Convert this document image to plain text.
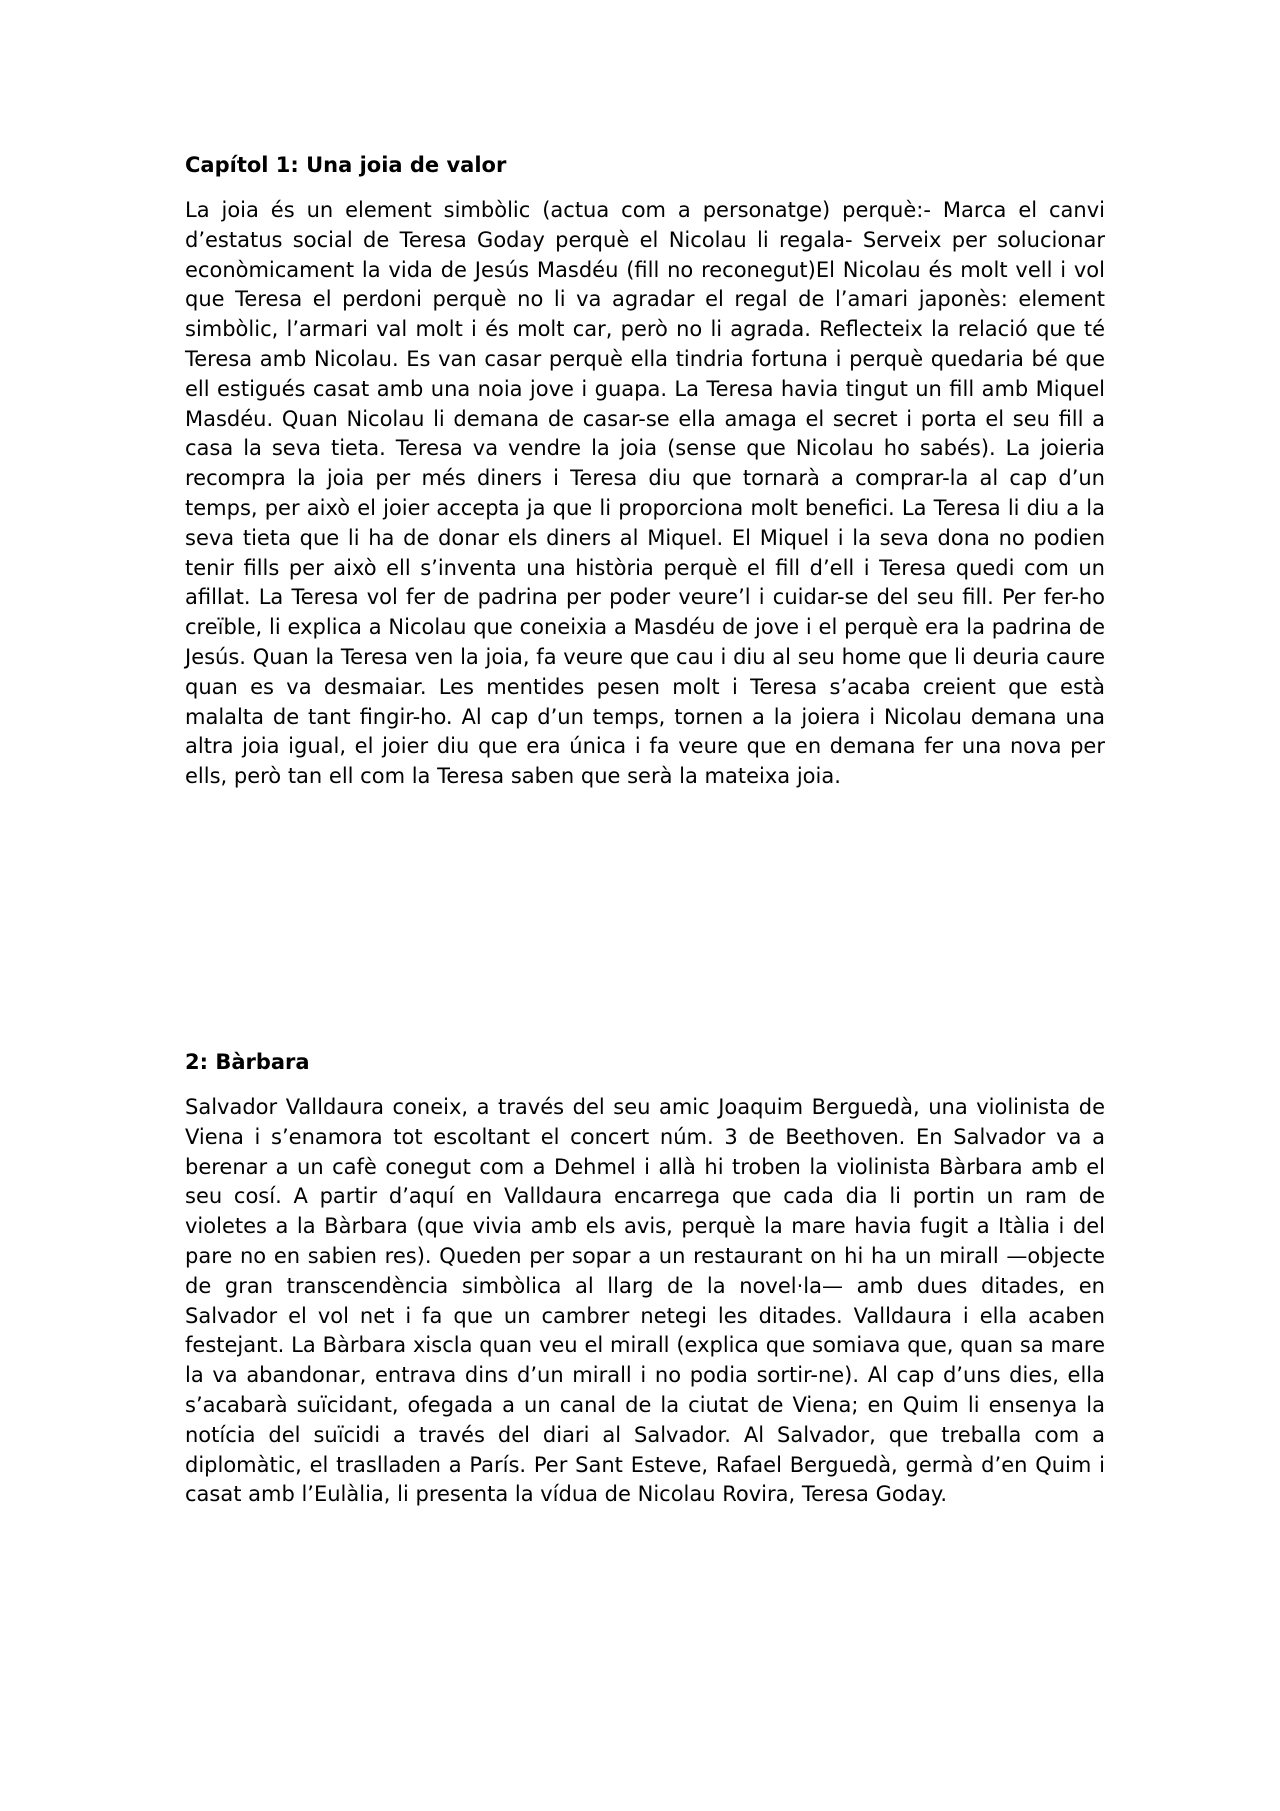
Capítol 1: Una joia de valor

La joia és un element simbòlic (actua com a personatge) perquè:- Marca el canvi d’estatus social de Teresa Goday perquè el Nicolau li regala- Serveix per solucionar econòmicament la vida de Jesús Masdéu (fill no reconegut)El Nicolau és molt vell i vol que Teresa el perdoni perquè no li va agradar el regal de l’amari japonès: element simbòlic, l’armari val molt i és molt car, però no li agrada. Reflecteix la relació que té Teresa amb Nicolau. Es van casar perquè ella tindria fortuna i perquè quedaria bé que ell estigués casat amb una noia jove i guapa. La Teresa havia tingut un fill amb Miquel Masdéu. Quan Nicolau li demana de casar-se ella amaga el secret i porta el seu fill a casa la seva tieta. Teresa va vendre la joia (sense que Nicolau ho sabés). La joieria recompra la joia per més diners i Teresa diu que tornarà a comprar-la al cap d’un temps, per això el joier accepta ja que li proporciona molt benefici. La Teresa li diu a la seva tieta que li ha de donar els diners al Miquel. El Miquel i la seva dona no podien tenir fills per això ell s’inventa una història perquè el fill d’ell i Teresa quedi com un afillat. La Teresa vol fer de padrina per poder veure’l i cuidar-se del seu fill. Per fer-ho creïble, li explica a Nicolau que coneixia a Masdéu de jove i el perquè era la padrina de Jesús. Quan la Teresa ven la joia, fa veure que cau i diu al seu home que li deuria caure quan es va desmaiar. Les mentides pesen molt i Teresa s’acaba creient que està malalta de tant fingir-ho. Al cap d’un temps, tornen a la joiera i Nicolau demana una altra joia igual, el joier diu que era única i fa veure que en demana fer una nova per ells, però tan ell com la Teresa saben que serà la mateixa joia.

2: Bàrbara

Salvador Valldaura coneix, a través del seu amic Joaquim Berguedà, una violinista de Viena i s’enamora tot escoltant el concert núm. 3 de Beethoven. En Salvador va a berenar a un cafè conegut com a Dehmel i allà hi troben la violinista Bàrbara amb el seu cosí. A partir d’aquí en Valldaura encarrega que cada dia li portin un ram de violetes a la Bàrbara (que vivia amb els avis, perquè la mare havia fugit a Itàlia i del pare no en sabien res). Queden per sopar a un restaurant on hi ha un mirall —objecte de gran transcendència simbòlica al llarg de la novel·la— amb dues ditades, en Salvador el vol net i fa que un cambrer netegi les ditades. Valldaura i ella acaben festejant. La Bàrbara xiscla quan veu el mirall (explica que somiava que, quan sa mare la va abandonar, entrava dins d’un mirall i no podia sortir-ne). Al cap d’uns dies, ella s’acabarà suïcidant, ofegada a un canal de la ciutat de Viena; en Quim li ensenya la notícia del suïcidi a través del diari al Salvador. Al Salvador, que treballa com a diplomàtic, el traslladen a París. Per Sant Esteve, Rafael Berguedà, germà d’en Quim i casat amb l’Eulàlia, li presenta la vídua de Nicolau Rovira, Teresa Goday.
